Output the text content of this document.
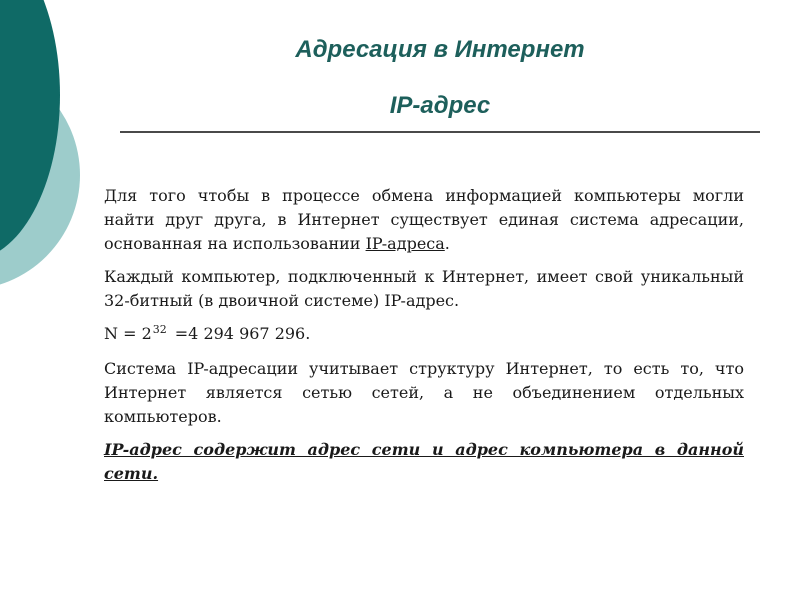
Адресация в Интернет
IP-адрес

Для того чтобы в процессе обмена информацией компьютеры могли найти друг друга, в Интернет существует единая система адресации, основанная на использовании IP-адреса.

Каждый компьютер, подключенный к Интернет, имеет свой уникальный 32-битный (в двоичной системе) IP-адрес.

$N = 2^{32} =4$ 294 967 296.

Система IP-адресации учитывает структуру Интернет, то есть то, что Интернет является сетью сетей, а не объединением отдельных компьютеров.

IP-адрес содержит адрес сети и адрес компьютера в данной сети.
